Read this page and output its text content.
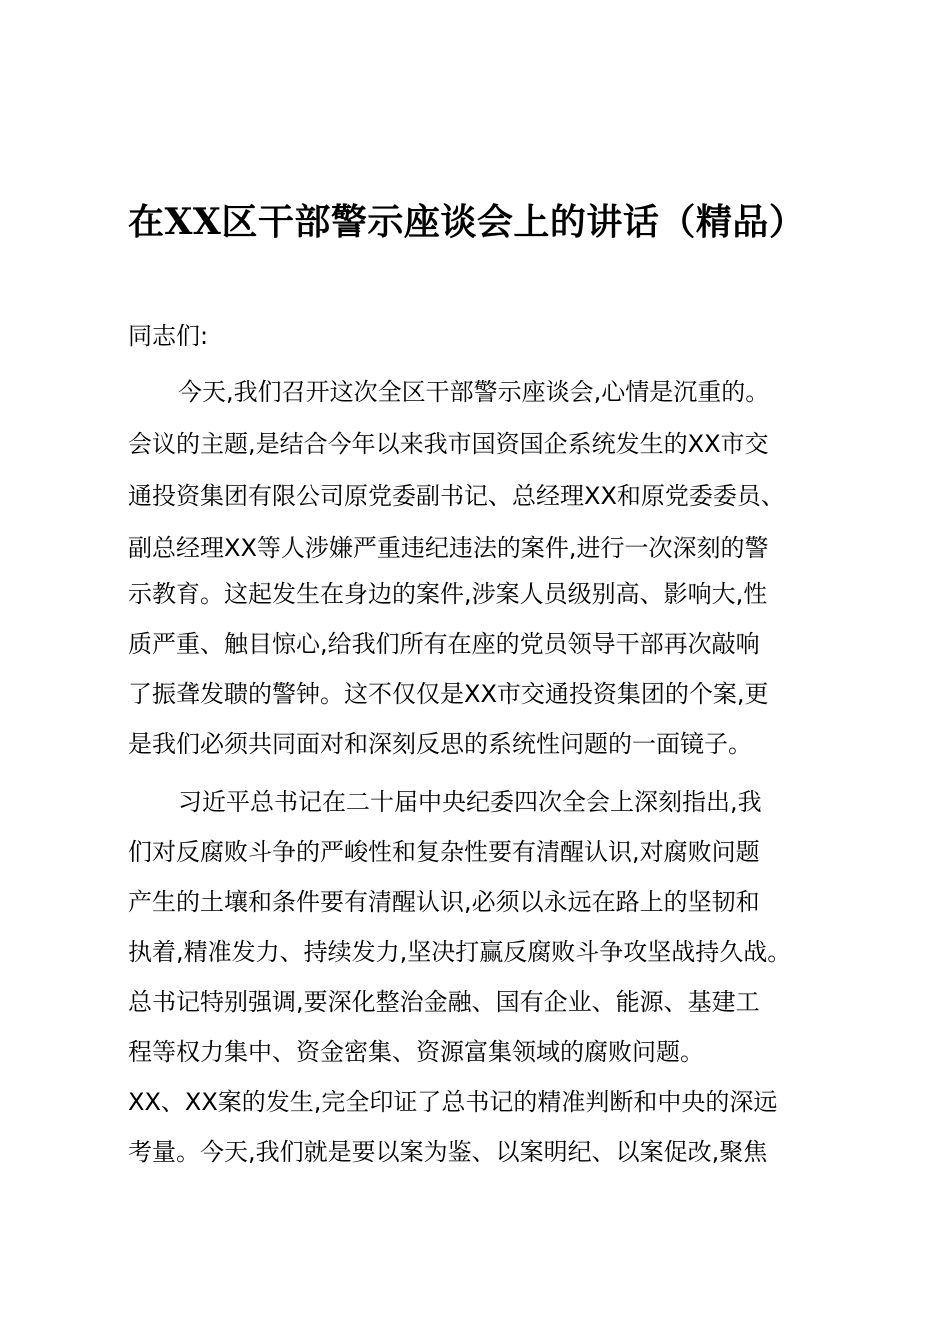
在XX区干部警示座谈会上的讲话（精品）
同志们:
今天,我们召开这次全区干部警示座谈会,心情是沉重的。
会议的主题,是结合今年以来我市国资国企系统发生的XX市交
通投资集团有限公司原党委副书记、总经理XX和原党委委员、
副总经理XX等人涉嫌严重违纪违法的案件,进行一次深刻的警
示教育。这起发生在身边的案件,涉案人员级别高、影响大,性
质严重、触目惊心,给我们所有在座的党员领导干部再次敲响
了振聋发聩的警钟。这不仅仅是XX市交通投资集团的个案,更
是我们必须共同面对和深刻反思的系统性问题的一面镜子。
习近平总书记在二十届中央纪委四次全会上深刻指出,我
们对反腐败斗争的严峻性和复杂性要有清醒认识,对腐败问题
产生的土壤和条件要有清醒认识,必须以永远在路上的坚韧和
执着,精准发力、持续发力,坚决打赢反腐败斗争攻坚战持久战。
总书记特别强调,要深化整治金融、国有企业、能源、基建工
程等权力集中、资金密集、资源富集领域的腐败问题。
XX、XX案的发生,完全印证了总书记的精准判断和中央的深远
考量。今天,我们就是要以案为鉴、以案明纪、以案促改,聚焦
